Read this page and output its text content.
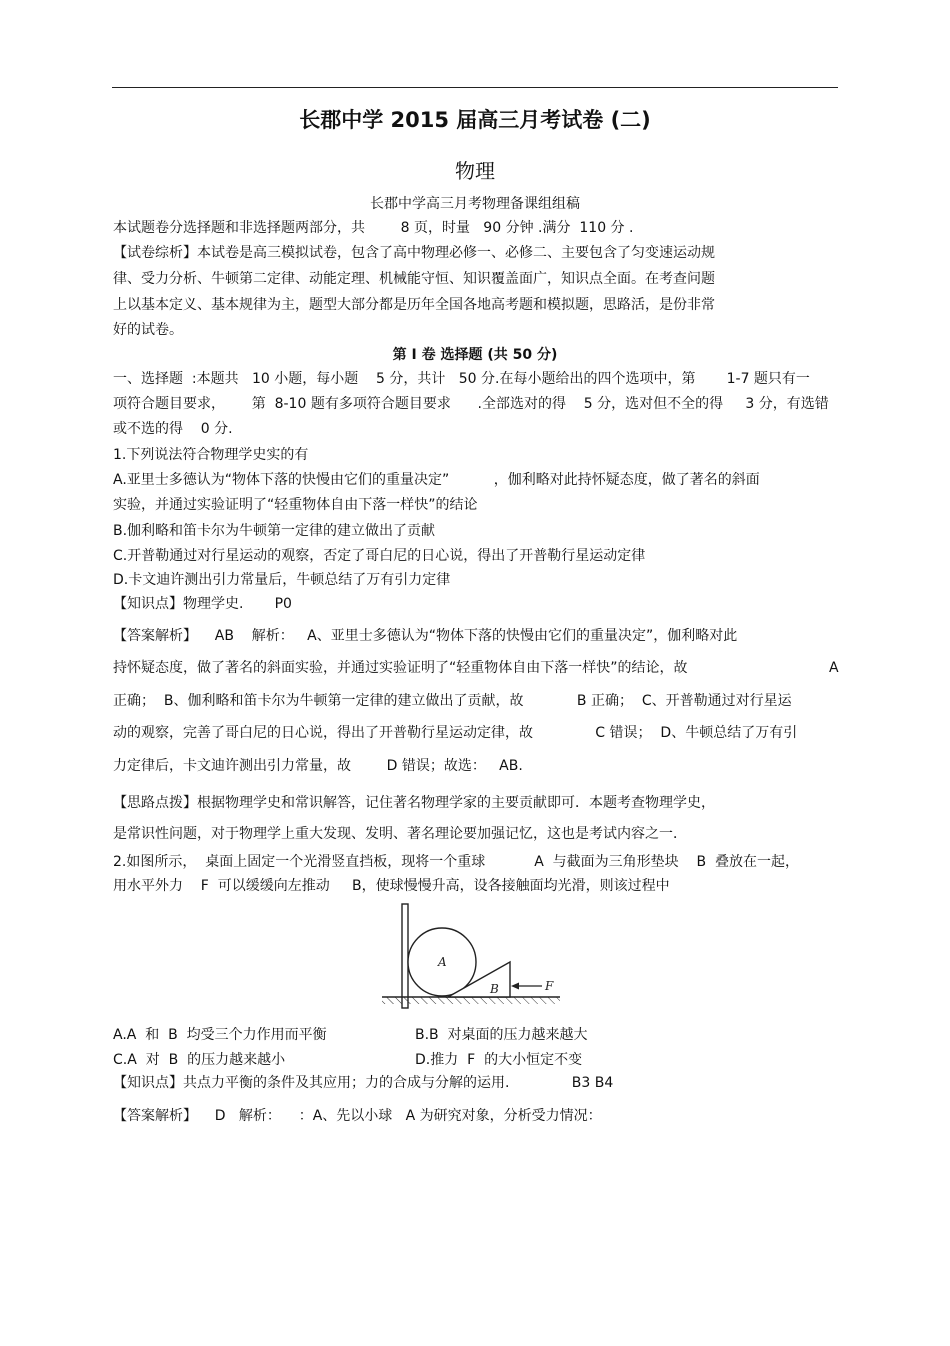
长郡中学 2015 届高三月考试卷 (二)
物理
长郡中学高三月考物理备课组组稿
本试题卷分选择题和非选择题两部分，共        8 页，时量   90 分钟 .满分  110 分 .
【试卷综析】本试卷是高三模拟试卷，包含了高中物理必修一、必修二、主要包含了匀变速运动规
律、受力分析、牛顿第二定律、动能定理、机械能守恒、知识覆盖面广，知识点全面。在考查问题
上以基本定义、基本规律为主，题型大部分都是历年全国各地高考题和模拟题，思路活，是份非常
好的试卷。
第 I 卷 选择题 (共 50 分)
一、选择题  :本题共   10 小题，每小题    5 分，共计   50 分.在每小题给出的四个选项中，第       1-7 题只有一
项符合题目要求，      第  8-10 题有多项符合题目要求      .全部选对的得    5 分，选对但不全的得     3 分，有选错
或不选的得    0 分.
1.下列说法符合物理学史实的有
A.亚里士多德认为“物体下落的快慢由它们的重量决定”          ，伽利略对此持怀疑态度，做了著名的斜面
实验，并通过实验证明了“轻重物体自由下落一样快”的结论
B.伽利略和笛卡尔为牛顿第一定律的建立做出了贡献
C.开普勒通过对行星运动的观察，否定了哥白尼的日心说，得出了开普勒行星运动定律
D.卡文迪许测出引力常量后，牛顿总结了万有引力定律
【知识点】物理学史.       P0
【答案解析】    AB    解析：   A、亚里士多德认为“物体下落的快慢由它们的重量决定”，伽利略对此
持怀疑态度，做了著名的斜面实验，并通过实验证明了“轻重物体自由下落一样快”的结论，故	A
正确；  B、伽利略和笛卡尔为牛顿第一定律的建立做出了贡献，故            B 正确；  C、开普勒通过对行星运
动的观察，完善了哥白尼的日心说，得出了开普勒行星运动定律，故              C 错误；  D、牛顿总结了万有引
力定律后，卡文迪许测出引力常量，故        D 错误；故选：   AB.
【思路点拨】根据物理学史和常识解答，记住著名物理学家的主要贡献即可．本题考查物理学史，
是常识性问题，对于物理学上重大发现、发明、著名理论要加强记忆，这也是考试内容之一．
2.如图所示，  桌面上固定一个光滑竖直挡板，现将一个重球           A  与截面为三角形垫块    B  叠放在一起，
用水平外力    F  可以缓缓向左推动     B，使球慢慢升高，设各接触面均光滑，则该过程中
A
B	F
A.A  和  B  均受三个力作用而平衡	B.B  对桌面的压力越来越大
C.A  对  B  的压力越来越小	D.推力  F  的大小恒定不变
【知识点】共点力平衡的条件及其应用；力的合成与分解的运用.              B3 B4
【答案解析】    D   解析：    ：A、先以小球   A 为研究对象，分析受力情况：
